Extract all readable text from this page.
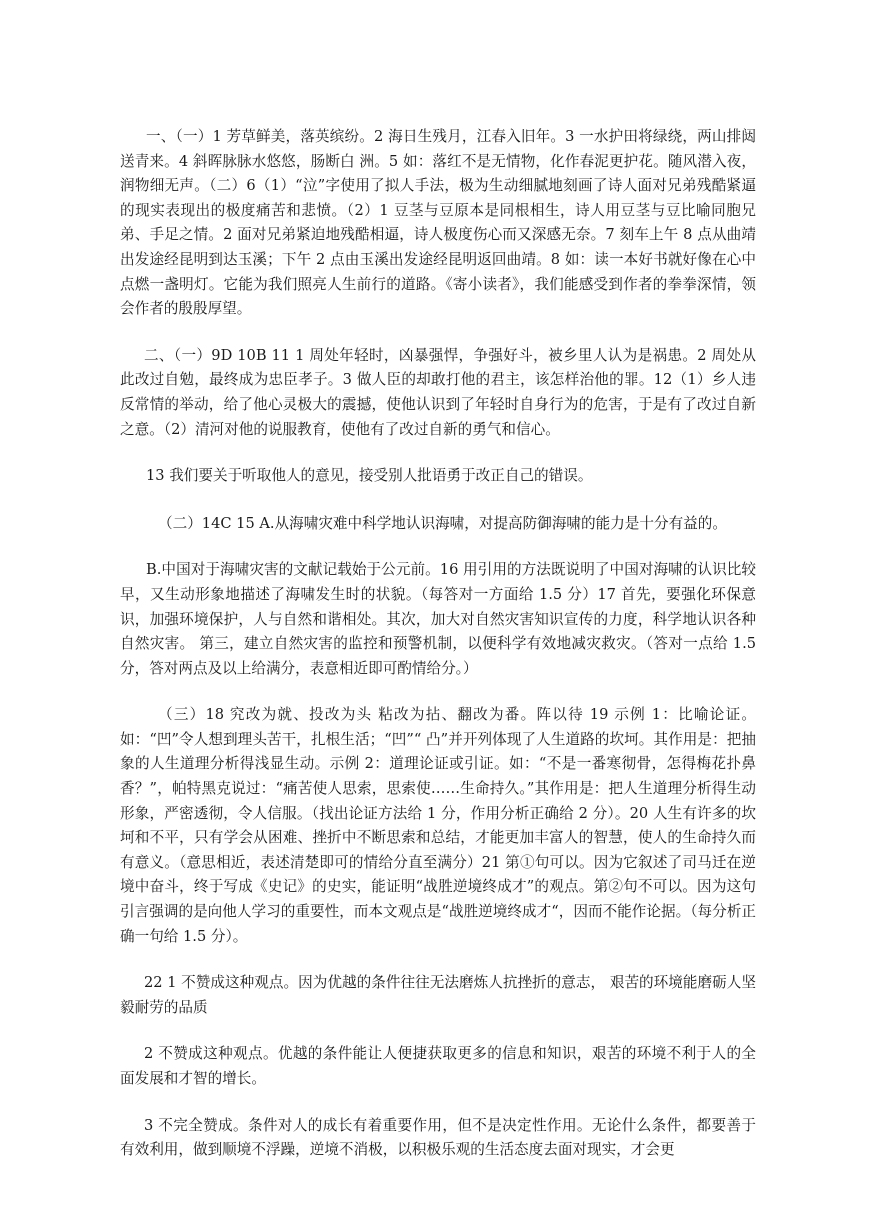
一、（一）1 芳草鲜美，落英缤纷。2 海日生残月，江春入旧年。3 一水护田将绿绕，两山排闼送青来。4 斜晖脉脉水悠悠，肠断白 洲。5 如：落红不是无情物，化作春泥更护花。随风潜入夜，润物细无声。（二）6（1）“泣”字使用了拟人手法，极为生动细腻地刻画了诗人面对兄弟残酷紧逼的现实表现出的极度痛苦和悲愤。（2）1 豆茎与豆原本是同根相生，诗人用豆茎与豆比喻同胞兄弟、手足之情。2 面对兄弟紧迫地残酷相逼，诗人极度伤心而又深感无奈。7 刻车上午 8 点从曲靖出发途经昆明到达玉溪；下午 2 点由玉溪出发途经昆明返回曲靖。8 如：读一本好书就好像在心中点燃一盏明灯。它能为我们照亮人生前行的道路。《寄小读者》，我们能感受到作者的拳拳深情，领会作者的殷殷厚望。

二、（一）9D 10B 11 1 周处年轻时，凶暴强悍，争强好斗，被乡里人认为是祸患。2 周处从此改过自勉，最终成为忠臣孝子。3 做人臣的却敢打他的君主，该怎样治他的罪。12（1）乡人违反常情的举动，给了他心灵极大的震撼，使他认识到了年轻时自身行为的危害，于是有了改过自新之意。（2）清河对他的说服教育，使他有了改过自新的勇气和信心。

13 我们要关于听取他人的意见，接受别人批语勇于改正自己的错误。

（二）14C 15 A.从海啸灾难中科学地认识海啸，对提高防御海啸的能力是十分有益的。

B.中国对于海啸灾害的文献记载始于公元前。16 用引用的方法既说明了中国对海啸的认识比较早，又生动形象地描述了海啸发生时的状貌。（每答对一方面给 1.5 分）17 首先，要强化环保意识，加强环境保护，人与自然和谐相处。其次，加大对自然灾害知识宣传的力度，科学地认识各种自然灾害。 第三，建立自然灾害的监控和预警机制，以便科学有效地减灾救灾。（答对一点给 1.5 分，答对两点及以上给满分，表意相近即可酌情给分。）

（三）18 究改为就、投改为头 粘改为拈、翻改为番。阵以待 19 示例 1：比喻论证。如：“凹”令人想到理头苦干，扎根生活；“凹”“ 凸”并开列体现了人生道路的坎坷。其作用是：把抽象的人生道理分析得浅显生动。示例 2：道理论证或引证。如：“不是一番寒彻骨，怎得梅花扑鼻香？”，帕特黑克说过：“痛苦使人思索，思索使……生命持久。”其作用是：把人生道理分析得生动形象，严密透彻，令人信服。（找出论证方法给 1 分，作用分析正确给 2 分）。20 人生有许多的坎坷和不平，只有学会从困难、挫折中不断思索和总结，才能更加丰富人的智慧，使人的生命持久而有意义。（意思相近，表述清楚即可的情给分直至满分）21 第①句可以。因为它叙述了司马迁在逆境中奋斗，终于写成《史记》的史实，能证明“战胜逆境终成才”的观点。第②句不可以。因为这句引言强调的是向他人学习的重要性，而本文观点是“战胜逆境终成才“，因而不能作论据。（每分析正确一句给 1.5 分）。

22 1 不赞成这种观点。因为优越的条件往往无法磨炼人抗挫折的意志， 艰苦的环境能磨砺人坚毅耐劳的品质

2 不赞成这种观点。优越的条件能让人便捷获取更多的信息和知识，艰苦的环境不利于人的全面发展和才智的增长。

3 不完全赞成。条件对人的成长有着重要作用，但不是决定性作用。无论什么条件，都要善于有效利用，做到顺境不浮躁，逆境不消极，以积极乐观的生活态度去面对现实，才会更
